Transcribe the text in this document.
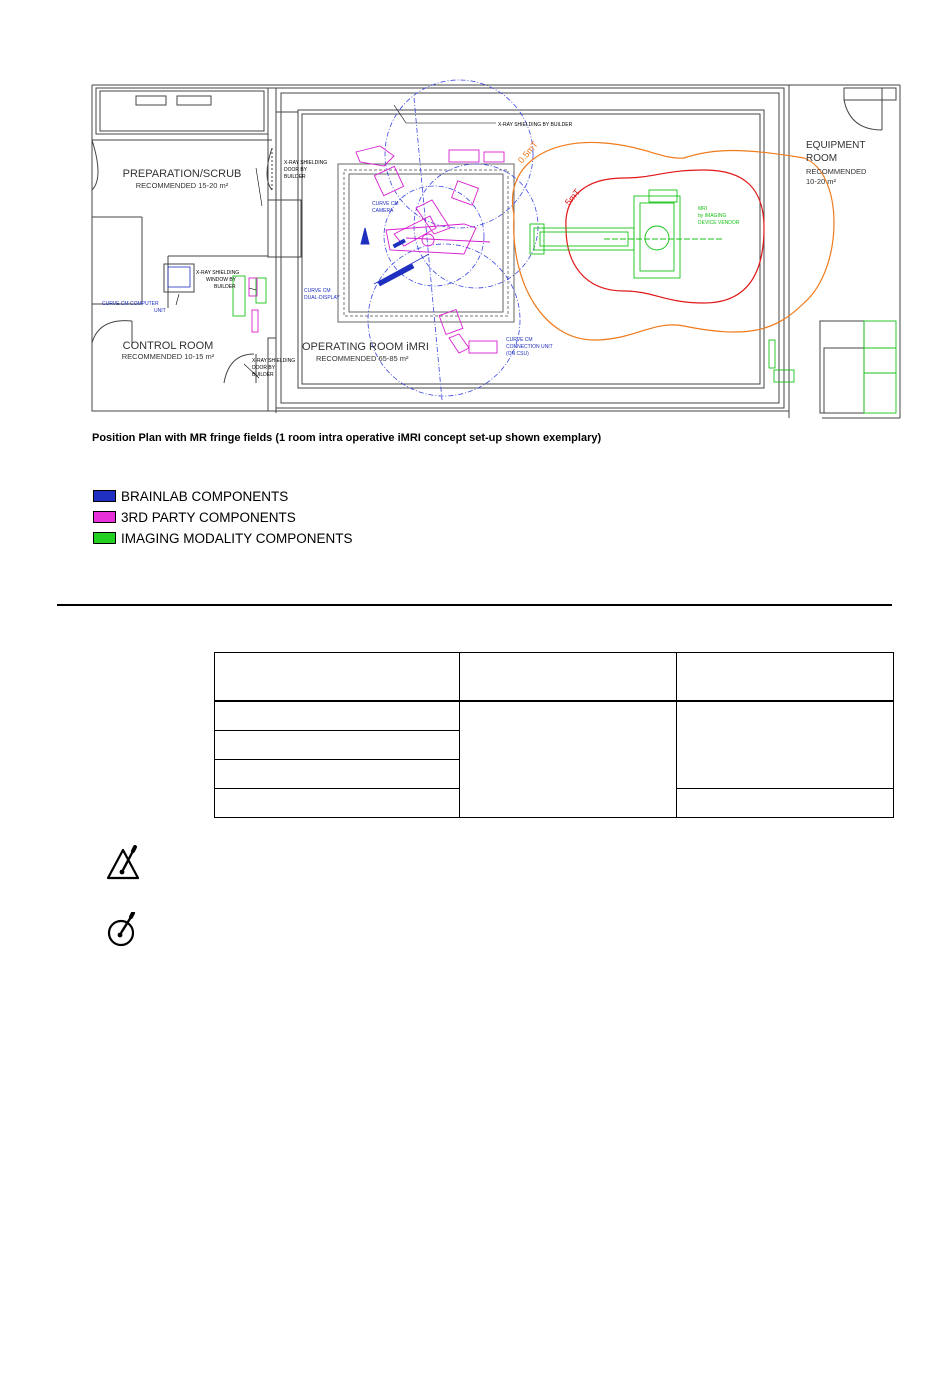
PREPARATION/SCRUB
RECOMMENDED 15-20 m²
CONTROL ROOM
RECOMMENDED 10-15 m²
OPERATING ROOM iMRI
RECOMMENDED 65-85 m²
EQUIPMENT
ROOM
RECOMMENDED
10-20 m²
X-RAY SHIELDING BY BUILDER
X-RAY SHIELDING
DOOR BY
BUILDER
X-RAY SHIELDING
WINDOW BY
BUILDER
X-RAY SHIELDING
DOOR BY
BUILDER
CURVE CM COMPUTER
UNIT
CURVE CM
CAMERA
CURVE CM
DUAL-DISPLAY
CURVE CM
CONNECTION UNIT
(ON CSU)
MRI
by IMAGING
DEVICE VENDOR
0.5mT
5mT
Position Plan with MR fringe fields (1 room intra operative iMRI concept set-up shown exemplary)
BRAINLAB COMPONENTS
3RD PARTY COMPONENTS
IMAGING MODALITY COMPONENTS
